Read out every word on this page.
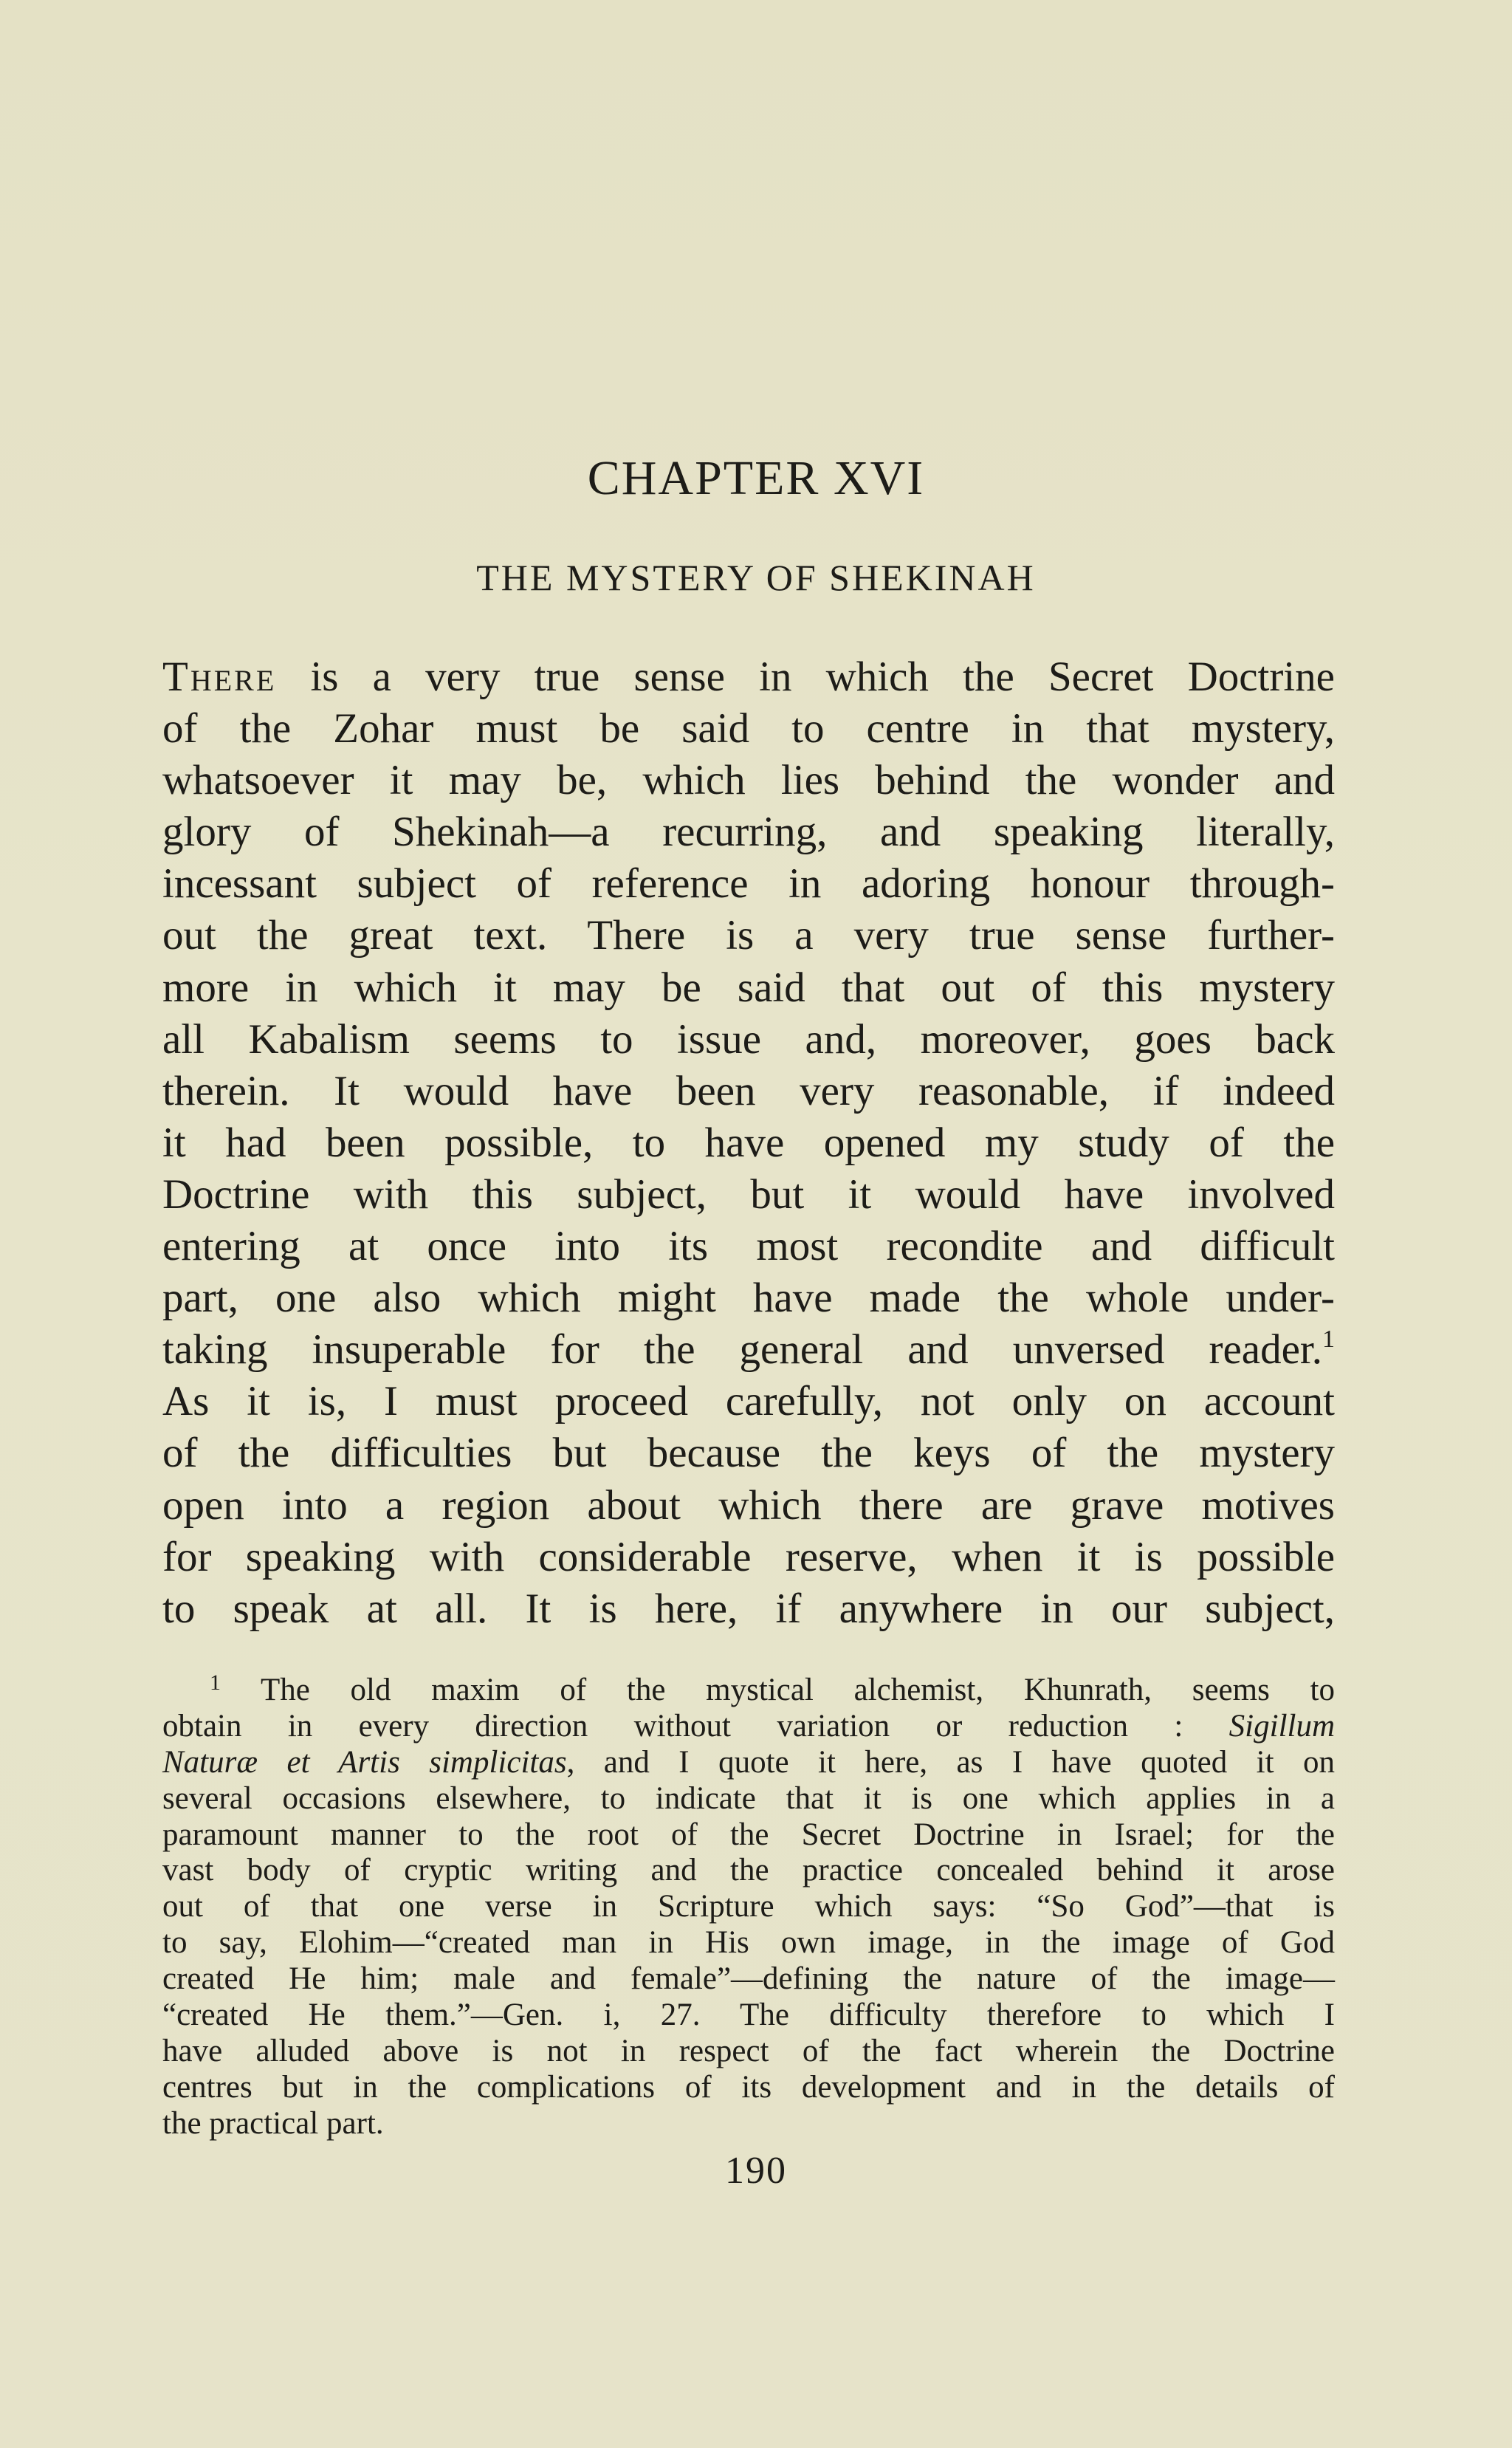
CHAPTER XVI
THE MYSTERY OF SHEKINAH
There is a very true sense in which the Secret Doctrine
of the Zohar must be said to centre in that mystery,
whatsoever it may be, which lies behind the wonder and
glory of Shekinah—a recurring, and speaking literally,
incessant subject of reference in adoring honour through-
out the great text. There is a very true sense further-
more in which it may be said that out of this mystery
all Kabalism seems to issue and, moreover, goes back
therein. It would have been very reasonable, if indeed
it had been possible, to have opened my study of the
Doctrine with this subject, but it would have involved
entering at once into its most recondite and difficult
part, one also which might have made the whole under-
taking insuperable for the general and unversed reader.$^1$
As it is, I must proceed carefully, not only on account
of the difficulties but because the keys of the mystery
open into a region about which there are grave motives
for speaking with considerable reserve, when it is possible
to speak at all. It is here, if anywhere in our subject,
$^1$ The old maxim of the mystical alchemist, Khunrath, seems to
obtain in every direction without variation or reduction : Sigillum
Naturæ et Artis simplicitas, and I quote it here, as I have quoted it on
several occasions elsewhere, to indicate that it is one which applies in a
paramount manner to the root of the Secret Doctrine in Israel; for the
vast body of cryptic writing and the practice concealed behind it arose
out of that one verse in Scripture which says: “So God”—that is
to say, Elohim—“created man in His own image, in the image of God
created He him; male and female”—defining the nature of the image—
“created He them.”—Gen. i, 27. The difficulty therefore to which I
have alluded above is not in respect of the fact wherein the Doctrine
centres but in the complications of its development and in the details of
the practical part.
190
